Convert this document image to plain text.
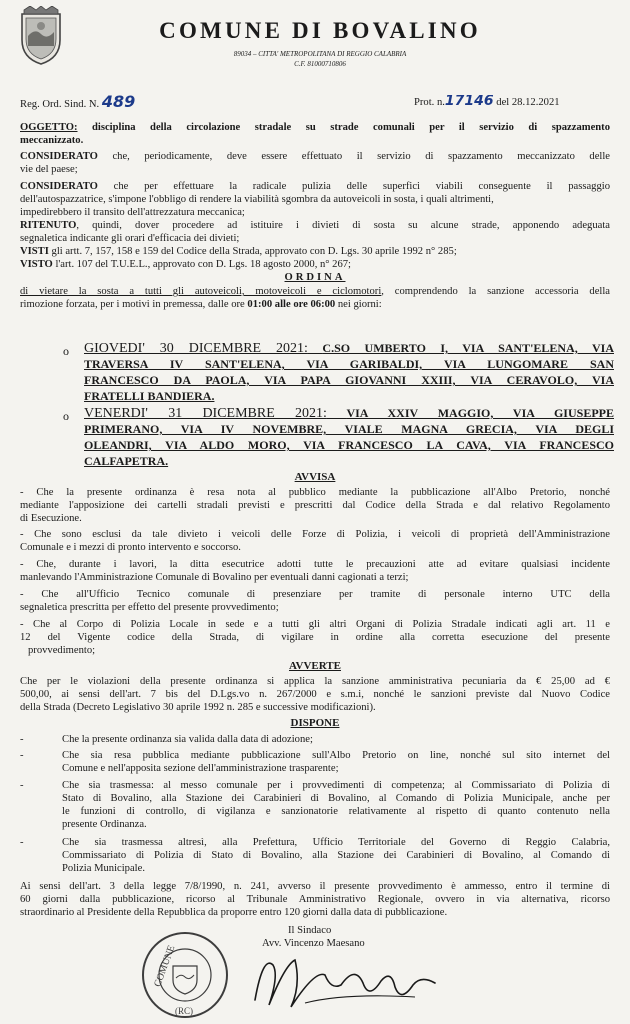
COMUNE DI BOVALINO
89034 – CITTA' METROPOLITANA DI REGGIO CALABRIA
C.F. 81000710806
Reg. Ord. Sind. N. 489	Prot. n.17146 del 28.12.2021
OGGETTO: disciplina della circolazione stradale su strade comunali per il servizio di spazzamento
meccanizzato.
CONSIDERATO che, periodicamente, deve essere effettuato il servizio di spazzamento meccanizzato delle
vie del paese;
CONSIDERATO che per effettuare la radicale pulizia delle superfici viabili conseguente il passaggio
dell'autospazzatrice, s'impone l'obbligo di rendere la viabilità sgombra da autoveicoli in sosta, i quali altrimenti,
impedirebbero il transito dell'attrezzatura meccanica;
RITENUTO, quindi, dover procedere ad istituire i divieti di sosta su alcune strade, apponendo adeguata
segnaletica indicante gli orari d'efficacia dei divieti;
VISTI gli artt. 7, 157, 158 e 159 del Codice della Strada, approvato con D. Lgs. 30 aprile 1992 n° 285;
VISTO l'art. 107 del T.U.E.L., approvato con D. Lgs. 18 agosto 2000, n° 267;
ORDINA
di vietare la sosta a tutti gli autoveicoli, motoveicoli e ciclomotori, comprendendo la sanzione accessoria della
rimozione forzata, per i motivi in premessa, dalle ore 01:00 alle ore 06:00 nei giorni:
o GIOVEDI' 30 DICEMBRE 2021: C.SO UMBERTO I, VIA SANT'ELENA, VIA
TRAVERSA IV SANT'ELENA, VIA GARIBALDI, VIA LUNGOMARE SAN
FRANCESCO DA PAOLA, VIA PAPA GIOVANNI XXIII, VIA CERAVOLO, VIA
FRATELLI BANDIERA.
o VENERDI' 31 DICEMBRE 2021: VIA XXIV MAGGIO, VIA GIUSEPPE
PRIMERANO, VIA IV NOVEMBRE, VIALE MAGNA GRECIA, VIA DEGLI
OLEANDRI, VIA ALDO MORO, VIA FRANCESCO LA CAVA, VIA FRANCESCO
CALFAPETRA.
AVVISA
- Che la presente ordinanza è resa nota al pubblico mediante la pubblicazione all'Albo Pretorio, nonché
mediante l'apposizione dei cartelli stradali previsti e prescritti dal Codice della Strada e dal relativo Regolamento
di Esecuzione.
- Che sono esclusi da tale divieto i veicoli delle Forze di Polizia, i veicoli di proprietà dell'Amministrazione
Comunale e i mezzi di pronto intervento e soccorso.
- Che, durante i lavori, la ditta esecutrice adotti tutte le precauzioni atte ad evitare qualsiasi incidente
manlevando l'Amministrazione Comunale di Bovalino per eventuali danni cagionati a terzi;
- Che all'Ufficio Tecnico comunale di presenziare per tramite di personale interno UTC della
segnaletica prescritta per effetto del presente provvedimento;
- Che al Corpo di Polizia Locale in sede e a tutti gli altri Organi di Polizia Stradale indicati agli art. 11 e
12 del Vigente codice della Strada, di vigilare in ordine alla corretta esecuzione del presente
provvedimento;
AVVERTE
Che per le violazioni della presente ordinanza si applica la sanzione amministrativa pecuniaria da € 25,00 ad €
500,00, ai sensi dell'art. 7 bis del D.Lgs.vo n. 267/2000 e s.m.i, nonché le sanzioni previste dal Nuovo Codice
della Strada (Decreto Legislativo 30 aprile 1992 n. 285 e successive modificazioni).
DISPONE
-	Che la presente ordinanza sia valida dalla data di adozione;
-	Che sia resa pubblica mediante pubblicazione sull'Albo Pretorio on line, nonché sul sito internet del
Comune e nell'apposita sezione dell'amministrazione trasparente;
-	Che sia trasmessa: al messo comunale per i provvedimenti di competenza; al Commissariato di Polizia di
Stato di Bovalino, alla Stazione dei Carabinieri di Bovalino, al Comando di Polizia Municipale, anche per
le funzioni di controllo, di vigilanza e sanzionatorie relativamente al rispetto di quanto contenuto nella
presente Ordinanza.
-	Che sia trasmessa altresì, alla Prefettura, Ufficio Territoriale del Governo di Reggio Calabria,
Commissariato di Polizia di Stato di Bovalino, alla Stazione dei Carabinieri di Bovalino, al Comando di
Polizia Municipale.
Ai sensi dell'art. 3 della legge 7/8/1990, n. 241, avverso il presente provvedimento è ammesso, entro il termine di
60 giorni dalla pubblicazione, ricorso al Tribunale Amministrativo Regionale, ovvero in via alternativa, ricorso
straordinario al Presidente della Repubblica da proporre entro 120 giorni dalla data di pubblicazione.
Il Sindaco
Avv. Vincenzo Maesano
COMUNE
(RC)
